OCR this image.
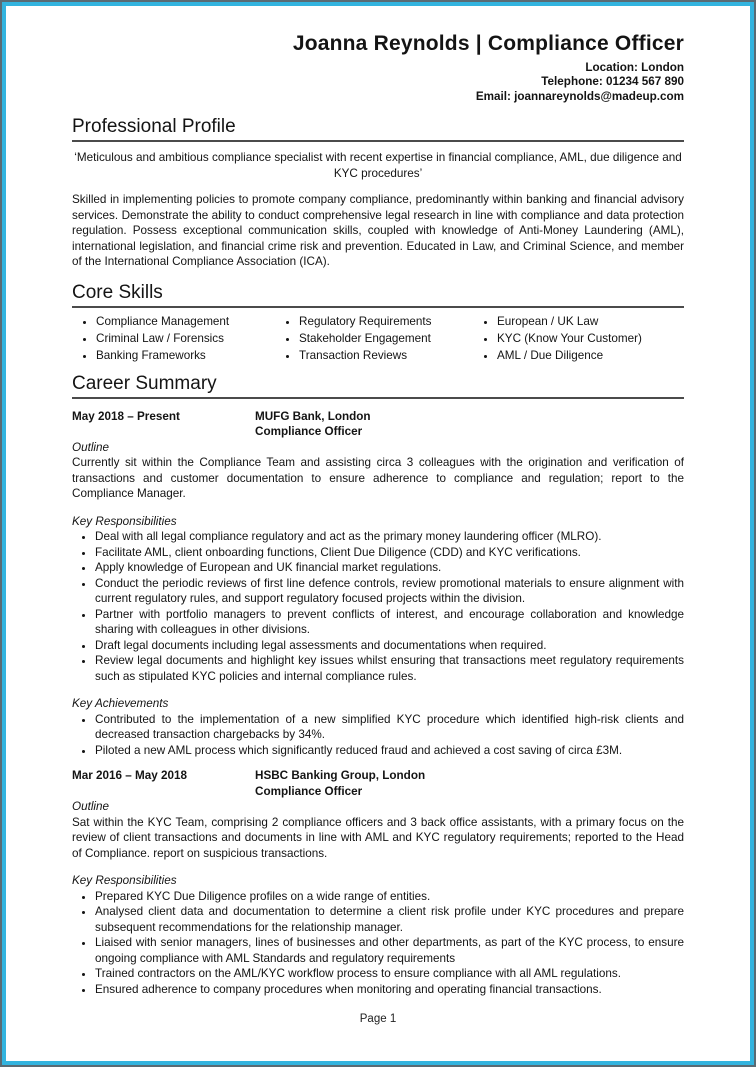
Joanna Reynolds | Compliance Officer
Location: London
Telephone: 01234 567 890
Email: joannareynolds@madeup.com
Professional Profile

‘Meticulous and ambitious compliance specialist with recent expertise in financial compliance, AML, due diligence and KYC procedures’

Skilled in implementing policies to promote company compliance, predominantly within banking and financial advisory services. Demonstrate the ability to conduct comprehensive legal research in line with compliance and data protection regulation. Possess exceptional communication skills, coupled with knowledge of Anti-Money Laundering (AML), international legislation, and financial crime risk and prevention. Educated in Law, and Criminal Science, and member of the International Compliance Association (ICA).

Core Skills
• Compliance Management
• Criminal Law / Forensics
• Banking Frameworks
• Regulatory Requirements
• Stakeholder Engagement
• Transaction Reviews
• European / UK Law
• KYC (Know Your Customer)
• AML / Due Diligence
Career Summary
May 2018 – Present	MUFG Bank, London
Compliance Officer
Outline

Currently sit within the Compliance Team and assisting circa 3 colleagues with the origination and verification of transactions and customer documentation to ensure adherence to compliance and regulation; report to the Compliance Manager.

Key Responsibilities
• Deal with all legal compliance regulatory and act as the primary money laundering officer (MLRO).
• Facilitate AML, client onboarding functions, Client Due Diligence (CDD) and KYC verifications.
• Apply knowledge of European and UK financial market regulations.
• Conduct the periodic reviews of first line defence controls, review promotional materials to ensure alignment with current regulatory rules, and support regulatory focused projects within the division.
• Partner with portfolio managers to prevent conflicts of interest, and encourage collaboration and knowledge sharing with colleagues in other divisions.
• Draft legal documents including legal assessments and documentations when required.
• Review legal documents and highlight key issues whilst ensuring that transactions meet regulatory requirements such as stipulated KYC policies and internal compliance rules.
Key Achievements
• Contributed to the implementation of a new simplified KYC procedure which identified high-risk clients and decreased transaction chargebacks by 34%.
• Piloted a new AML process which significantly reduced fraud and achieved a cost saving of circa £3M.
Mar 2016 – May 2018	HSBC Banking Group, London
Compliance Officer
Outline

Sat within the KYC Team, comprising 2 compliance officers and 3 back office assistants, with a primary focus on the review of client transactions and documents in line with AML and KYC regulatory requirements; reported to the Head of Compliance. report on suspicious transactions.

Key Responsibilities
• Prepared KYC Due Diligence profiles on a wide range of entities.
• Analysed client data and documentation to determine a client risk profile under KYC procedures and prepare subsequent recommendations for the relationship manager.
• Liaised with senior managers, lines of businesses and other departments, as part of the KYC process, to ensure ongoing compliance with AML Standards and regulatory requirements
• Trained contractors on the AML/KYC workflow process to ensure compliance with all AML regulations.
• Ensured adherence to company procedures when monitoring and operating financial transactions.
Page 1
